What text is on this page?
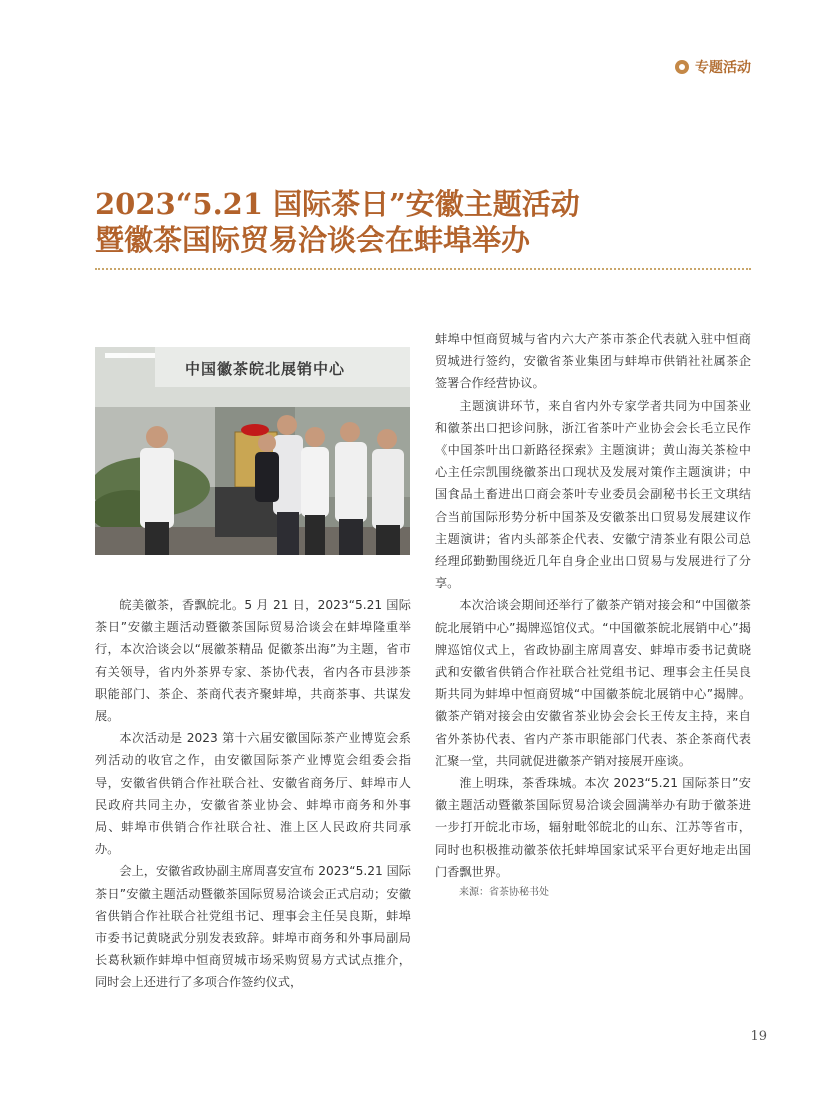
专题活动
2023“5.21 国际茶日”安徽主题活动
暨徽茶国际贸易洽谈会在蚌埠举办
中国徽茶皖北展销中心

皖美徽茶，香飘皖北。5 月 21 日，2023“5.21 国际茶日”安徽主题活动暨徽茶国际贸易洽谈会在蚌埠隆重举行，本次洽谈会以“展徽茶精品 促徽茶出海”为主题，省市有关领导，省内外茶界专家、茶协代表，省内各市县涉茶职能部门、茶企、茶商代表齐聚蚌埠，共商茶事、共谋发展。

本次活动是 2023 第十六届安徽国际茶产业博览会系列活动的收官之作，由安徽国际茶产业博览会组委会指导，安徽省供销合作社联合社、安徽省商务厅、蚌埠市人民政府共同主办，安徽省茶业协会、蚌埠市商务和外事局、蚌埠市供销合作社联合社、淮上区人民政府共同承办。

会上，安徽省政协副主席周喜安宣布 2023“5.21 国际茶日”安徽主题活动暨徽茶国际贸易洽谈会正式启动；安徽省供销合作社联合社党组书记、理事会主任吴良斯，蚌埠市委书记黄晓武分别发表致辞。蚌埠市商务和外事局副局长葛秋颖作蚌埠中恒商贸城市场采购贸易方式试点推介，同时会上还进行了多项合作签约仪式，

蚌埠中恒商贸城与省内六大产茶市茶企代表就入驻中恒商贸城进行签约，安徽省茶业集团与蚌埠市供销社社属茶企 签署合作经营协议。

主题演讲环节，来自省内外专家学者共同为中国茶业和徽茶出口把诊问脉，浙江省茶叶产业协会会长毛立民作《中国茶叶出口新路径探索》主题演讲；黄山海关茶检中心主任宗凯围绕徽茶出口现状及发展对策作主题演讲；中国食品土畜进出口商会茶叶专业委员会副秘书长王文琪结合当前国际形势分析中国茶及安徽茶出口贸易发展建议作主题演讲；省内头部茶企代表、安徽宁清茶业有限公司总经理邱勤勤围绕近几年自身企业出口贸易与发展进行了分享。

本次洽谈会期间还举行了徽茶产销对接会和“中国徽茶皖北展销中心”揭牌巡馆仪式。“中国徽茶皖北展销中心”揭牌巡馆仪式上，省政协副主席周喜安、蚌埠市委书记黄晓武和安徽省供销合作社联合社党组书记、理事会主任吴良斯共同为蚌埠中恒商贸城“中国徽茶皖北展销中心”揭牌。徽茶产销对接会由安徽省茶业协会会长王传友主持，来自省外茶协代表、省内产茶市职能部门代表、茶企茶商代表汇聚一堂，共同就促进徽茶产销对接展开座谈。

淮上明珠，茶香珠城。本次 2023“5.21 国际茶日”安徽主题活动暨徽茶国际贸易洽谈会圆满举办有助于徽茶进一步打开皖北市场，辐射毗邻皖北的山东、江苏等省市，同时也积极推动徽茶依托蚌埠国家试采平台更好地走出国门香飘世界。

来源：省茶协秘书处
19
